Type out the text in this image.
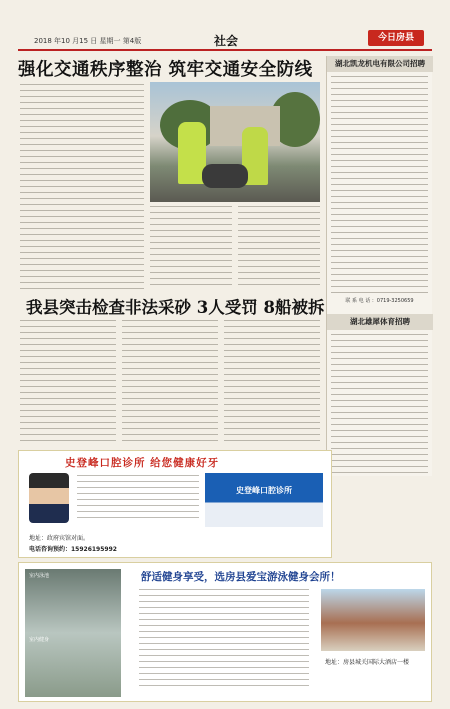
2018 年10 月15 日 星期一 第4版	社会	今日房县
强化交通秩序整治 筑牢交通安全防线
我县突击检查非法采砂 3人受罚 8船被拆
湖北凯龙机电有限公司招聘
联 系 电 话 ：0719-3250659
湖北雄犀体育招聘
史登峰口腔诊所 给您健康好牙
史登峰口腔诊所
地址：政府宾馆对面。
电话咨询预约：15926195992
室内泳池
室内健身
舒适健身享受，选房县爱宝游泳健身会所！
地址：房县城关国际大酒店一楼
